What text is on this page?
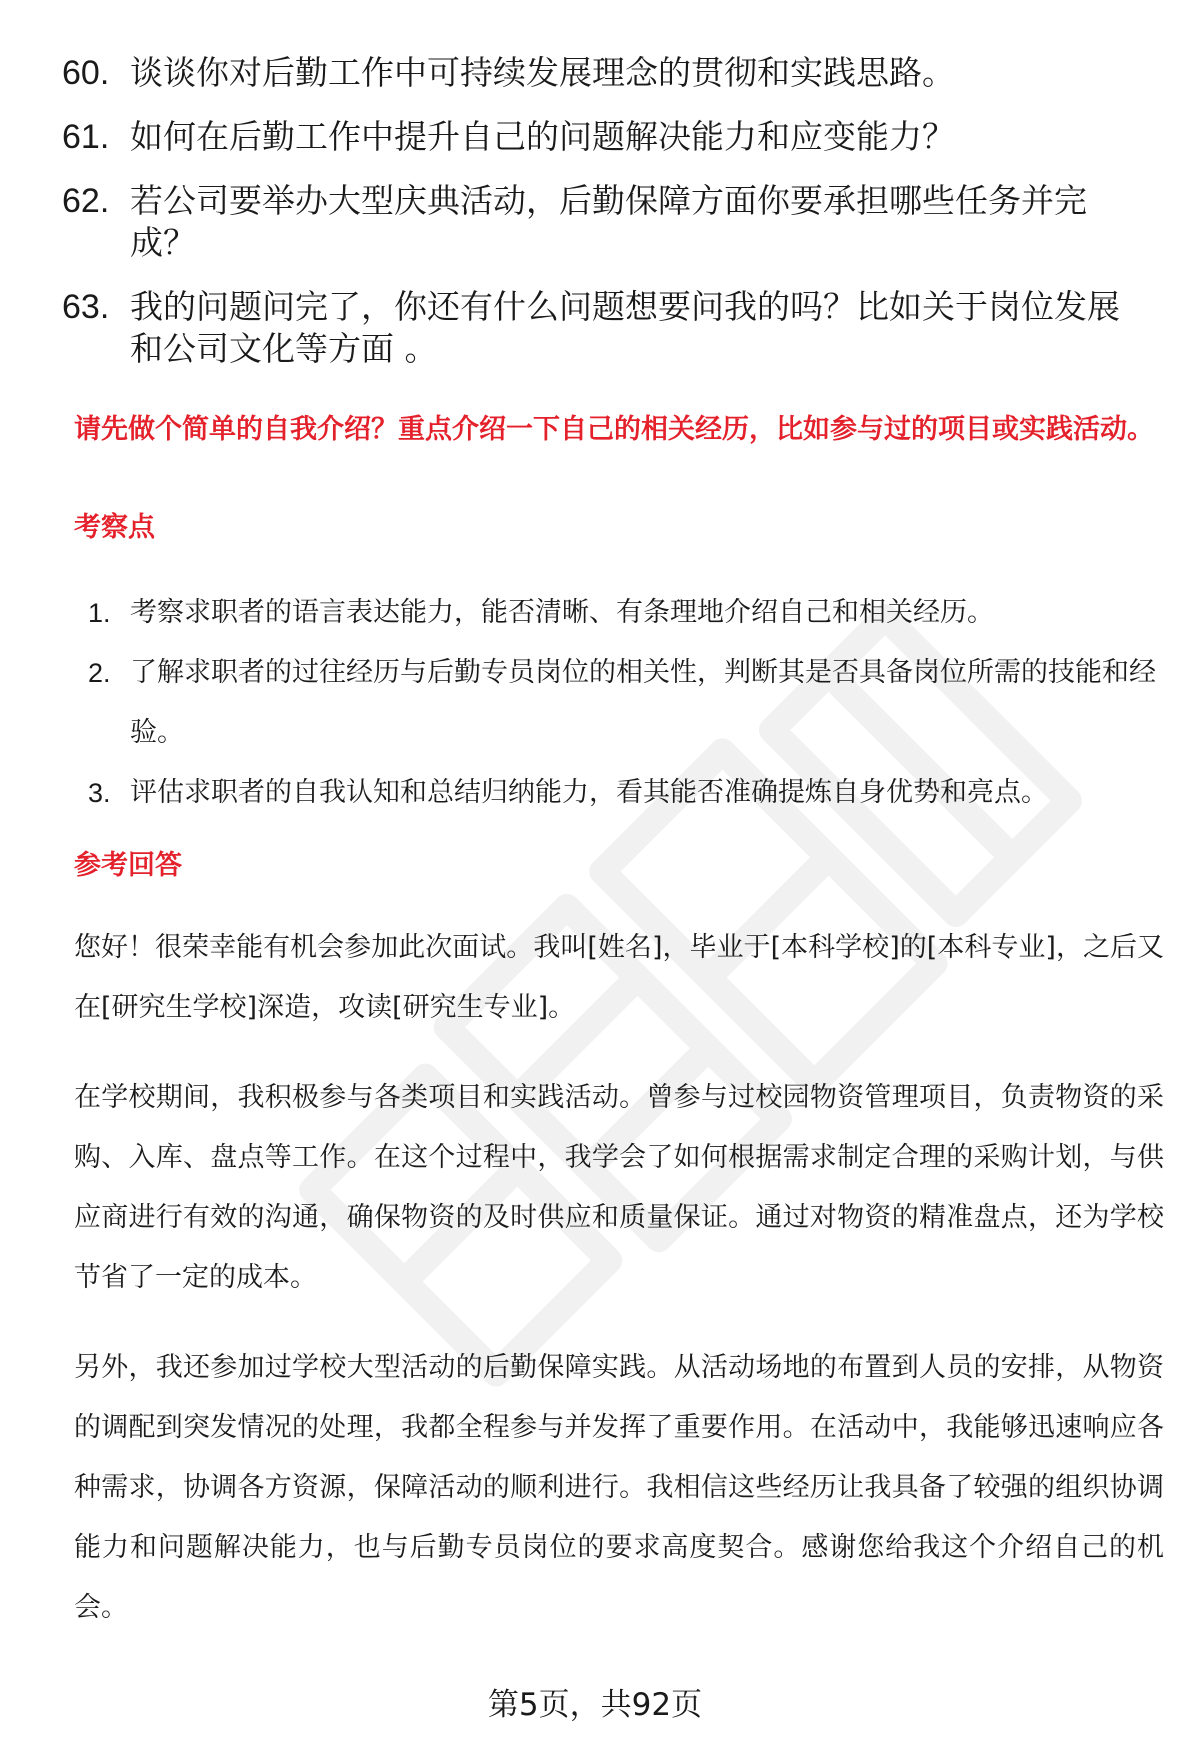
60. 谈谈你对后勤工作中可持续发展理念的贯彻和实践思路。
61. 如何在后勤工作中提升自己的问题解决能力和应变能力？
62. 若公司要举办大型庆典活动，后勤保障方面你要承担哪些任务并完成？
63. 我的问题问完了，你还有什么问题想要问我的吗？比如关于岗位发展和公司文化等方面 。
请先做个简单的自我介绍？重点介绍一下自己的相关经历，比如参与过的项目或实践活动。
考察点
1. 考察求职者的语言表达能力，能否清晰、有条理地介绍自己和相关经历。
2. 了解求职者的过往经历与后勤专员岗位的相关性，判断其是否具备岗位所需的技能和经验。
3. 评估求职者的自我认知和总结归纳能力，看其能否准确提炼自身优势和亮点。
参考回答

您好！很荣幸能有机会参加此次面试。我叫[姓名]，毕业于[本科学校]的[本科专业]，之后又在[研究生学校]深造，攻读[研究生专业]。

在学校期间，我积极参与各类项目和实践活动。曾参与过校园物资管理项目，负责物资的采购、入库、盘点等工作。在这个过程中，我学会了如何根据需求制定合理的采购计划，与供应商进行有效的沟通，确保物资的及时供应和质量保证。通过对物资的精准盘点，还为学校节省了一定的成本。

另外，我还参加过学校大型活动的后勤保障实践。从活动场地的布置到人员的安排，从物资的调配到突发情况的处理，我都全程参与并发挥了重要作用。在活动中，我能够迅速响应各种需求，协调各方资源，保障活动的顺利进行。我相信这些经历让我具备了较强的组织协调能力和问题解决能力，也与后勤专员岗位的要求高度契合。感谢您给我这个介绍自己的机会。

第5页，共92页
